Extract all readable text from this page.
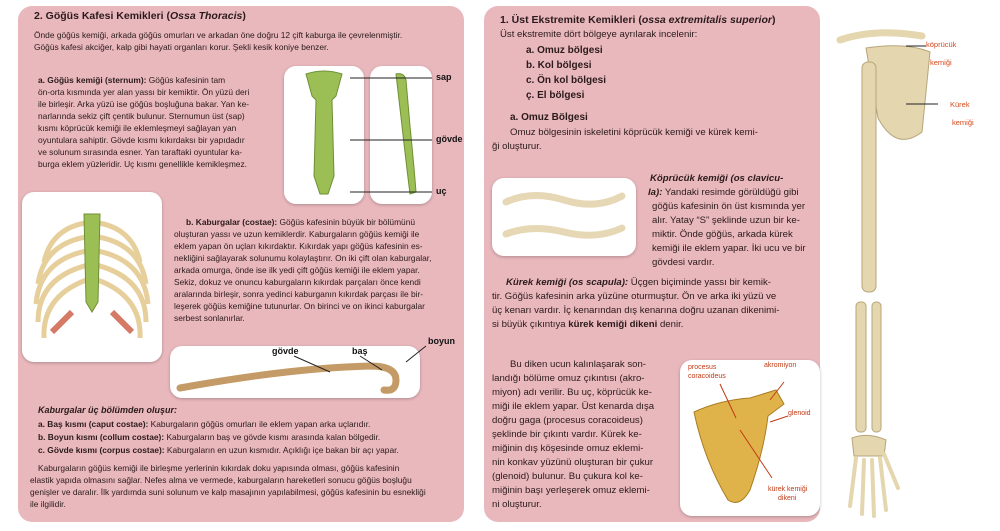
2. Göğüs Kafesi Kemikleri (Ossa Thoracis)

Önde göğüs kemiği, arkada göğüs omurları ve arkadan öne doğru 12 çift kaburga ile çevrelenmiştir.

Göğüs kafesi akciğer, kalp gibi hayati organları korur. Şekli kesik koniye benzer.

a. Göğüs kemiği (sternum): Göğüs kafesinin tam

ön-orta kısmında yer alan yassı bir kemiktir. Ön yüzü deri

ile birleşir. Arka yüzü ise göğüs boşluğuna bakar. Yan ke-

narlarında sekiz çift çentik bulunur. Sternumun üst (sap)

kısmı köprücük kemiği ile eklemleşmeyi sağlayan yan

oyuntulara sahiptir. Gövde kısmı kıkırdaksı bir yapıdadır

ve solunum sırasında esner. Yan taraftaki oyuntular ka-

burga eklem yüzleridir. Uç kısmı genellikle kemikleşmez.

sap
gövde
uç

b. Kaburgalar (costae): Göğüs kafesinin büyük bir bölümünü

oluşturan yassı ve uzun kemiklerdir. Kaburgaların göğüs kemiği ile

eklem yapan ön uçları kıkırdaktır. Kıkırdak yapı göğüs kafesinin es-

nekliğini sağlayarak solunumu kolaylaştırır. On iki çift olan kaburgalar,

arkada omurga, önde ise ilk yedi çift göğüs kemiği ile eklem yapar.

Sekiz, dokuz ve onuncu kaburgaların kıkırdak parçaları önce kendi

aralarında birleşir, sonra yedinci kaburganın kıkırdak parçası ile bir-

leşerek göğüs kemiğine tutunurlar. On birinci ve on ikinci kaburgalar

serbest sonlanırlar.

gövde	baş
boyun

Kaburgalar üç bölümden oluşur:

a. Baş kısmı (caput costae): Kaburgaların göğüs omurları ile eklem yapan arka uçlarıdır.

b. Boyun kısmı (collum costae): Kaburgaların baş ve gövde kısmı arasında kalan bölgedir.

c. Gövde kısmı (corpus costae): Kaburgaların en uzun kısmıdır. Açıklığı içe bakan bir açı yapar.

Kaburgaların göğüs kemiği ile birleşme yerlerinin kıkırdak doku yapısında olması, göğüs kafesinin

elastik yapıda olmasını sağlar. Nefes alma ve vermede, kaburgaların hareketleri sonucu göğüs boşluğu

genişler ve daralır. İlk yardımda suni solunum ve kalp masajının yapılabilmesi, göğüs kafesinin bu esnekliği

ile ilgilidir.

1. Üst Ekstremite Kemikleri (ossa extremitalis superior)

Üst ekstremite dört bölgeye ayrılarak incelenir:

a. Omuz bölgesi

b. Kol bölgesi

c. Ön kol bölgesi

ç. El bölgesi

a. Omuz Bölgesi

Omuz bölgesinin iskeletini köprücük kemiği ve kürek kemi-

ği oluşturur.

Köprücük kemiği (os clavicu-

la): Yandaki resimde görüldüğü gibi

göğüs kafesinin ön üst kısmında yer

alır. Yatay “S” şeklinde uzun bir ke-

miktir. Önde göğüs, arkada kürek

kemiği ile eklem yapar. İki ucu ve bir

gövdesi vardır.

Kürek kemiği (os scapula): Üçgen biçiminde yassı bir kemik-

tir. Göğüs kafesinin arka yüzüne oturmuştur. Ön ve arka iki yüzü ve

üç kenarı vardır. İç kenarından dış kenarına doğru uzanan dikenimi-

si büyük çıkıntıya kürek kemiği dikeni denir.

Bu diken ucun kalınlaşarak son-

landığı bölüme omuz çıkıntısı (akro-

miyon) adı verilir. Bu uç, köprücük ke-

miği ile eklem yapar. Üst kenarda dışa

doğru gaga (procesus coracoideus)

şeklinde bir çıkıntı vardır. Kürek ke-

miğinin dış köşesinde omuz eklemi-

nin konkav yüzünü oluşturan bir çukur

(glenoid) bulunur. Bu çukura kol ke-

miğinin başı yerleşerek omuz eklemi-

ni oluşturur.

procesus
coracoideus
akromiyon
glenoid
kürek kemiği
dikeni
köprücük
kemiği
Kürek
kemiği
